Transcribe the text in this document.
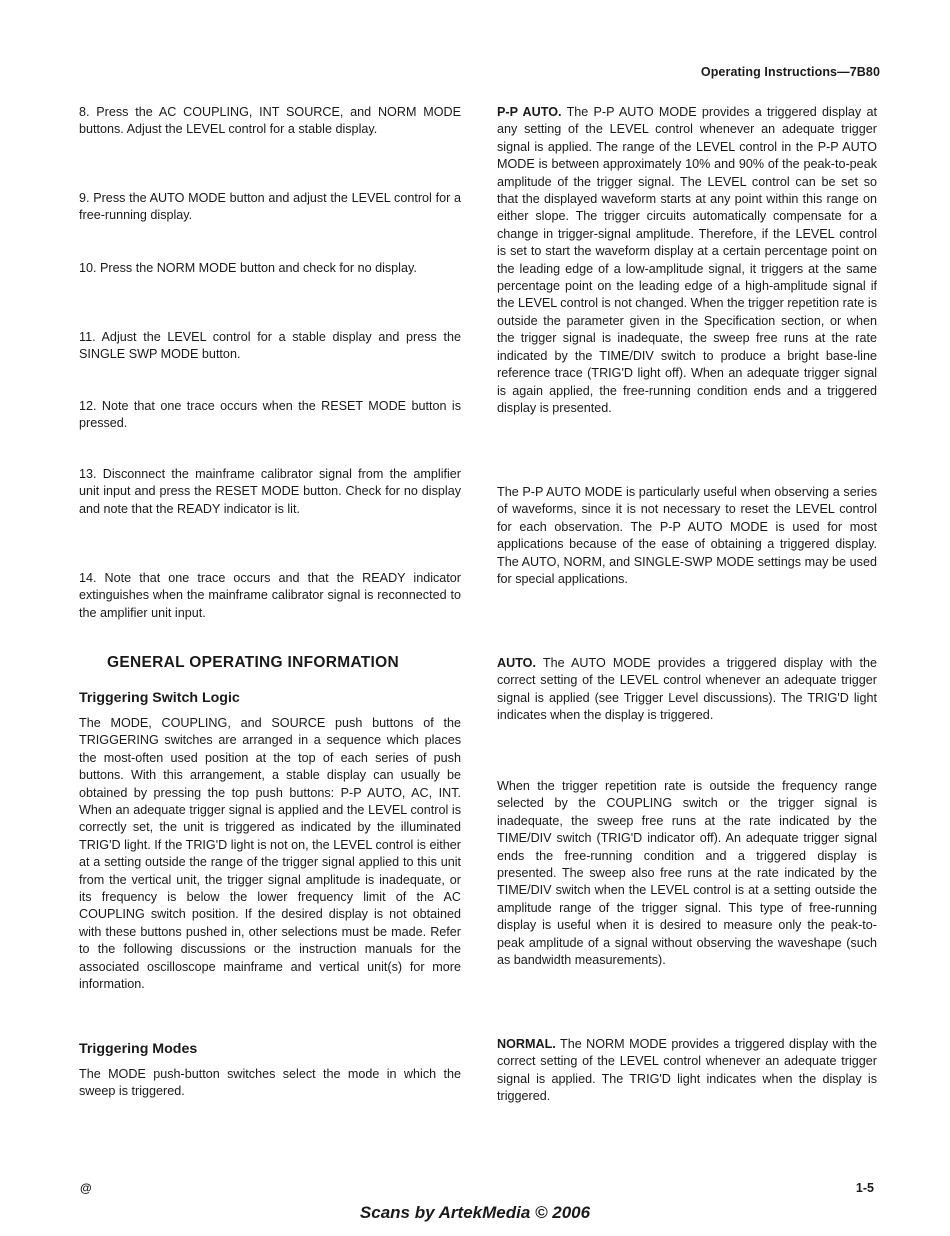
Operating Instructions—7B80

8. Press the AC COUPLING, INT SOURCE, and NORM MODE buttons. Adjust the LEVEL control for a stable display.

9. Press the AUTO MODE button and adjust the LEVEL control for a free-running display.

10. Press the NORM MODE button and check for no display.

11. Adjust the LEVEL control for a stable display and press the SINGLE SWP MODE button.

12. Note that one trace occurs when the RESET MODE button is pressed.

13. Disconnect the mainframe calibrator signal from the amplifier unit input and press the RESET MODE button. Check for no display and note that the READY indicator is lit.

14. Note that one trace occurs and that the READY indicator extinguishes when the mainframe calibrator signal is reconnected to the amplifier unit input.

GENERAL OPERATING INFORMATION
Triggering Switch Logic

The MODE, COUPLING, and SOURCE push buttons of the TRIGGERING switches are arranged in a sequence which places the most-often used position at the top of each series of push buttons. With this arrangement, a stable display can usually be obtained by pressing the top push buttons: P-P AUTO, AC, INT. When an adequate trigger signal is applied and the LEVEL control is correctly set, the unit is triggered as indicated by the illuminated TRIG'D light. If the TRIG'D light is not on, the LEVEL control is either at a setting outside the range of the trigger signal applied to this unit from the vertical unit, the trigger signal amplitude is inadequate, or its frequency is below the lower frequency limit of the AC COUPLING switch position. If the desired display is not obtained with these buttons pushed in, other selections must be made. Refer to the following discussions or the instruction manuals for the associated oscilloscope mainframe and vertical unit(s) for more information.

Triggering Modes

The MODE push-button switches select the mode in which the sweep is triggered.

P-P AUTO. The P-P AUTO MODE provides a triggered display at any setting of the LEVEL control whenever an adequate trigger signal is applied. The range of the LEVEL control in the P-P AUTO MODE is between approximately 10% and 90% of the peak-to-peak amplitude of the trigger signal. The LEVEL control can be set so that the displayed waveform starts at any point within this range on either slope. The trigger circuits automatically compensate for a change in trigger-signal amplitude. Therefore, if the LEVEL control is set to start the waveform display at a certain percentage point on the leading edge of a low-amplitude signal, it triggers at the same percentage point on the leading edge of a high-amplitude signal if the LEVEL control is not changed. When the trigger repetition rate is outside the parameter given in the Specification section, or when the trigger signal is inadequate, the sweep free runs at the rate indicated by the TIME/DIV switch to produce a bright base-line reference trace (TRIG'D light off). When an adequate trigger signal is again applied, the free-running condition ends and a triggered display is presented.

The P-P AUTO MODE is particularly useful when observing a series of waveforms, since it is not necessary to reset the LEVEL control for each observation. The P-P AUTO MODE is used for most applications because of the ease of obtaining a triggered display. The AUTO, NORM, and SINGLE-SWP MODE settings may be used for special applications.

AUTO. The AUTO MODE provides a triggered display with the correct setting of the LEVEL control whenever an adequate trigger signal is applied (see Trigger Level discussions). The TRIG'D light indicates when the display is triggered.

When the trigger repetition rate is outside the frequency range selected by the COUPLING switch or the trigger signal is inadequate, the sweep free runs at the rate indicated by the TIME/DIV switch (TRIG'D indicator off). An adequate trigger signal ends the free-running condition and a triggered display is presented. The sweep also free runs at the rate indicated by the TIME/DIV switch when the LEVEL control is at a setting outside the amplitude range of the trigger signal. This type of free-running display is useful when it is desired to measure only the peak-to-peak amplitude of a signal without observing the waveshape (such as bandwidth measurements).

NORMAL. The NORM MODE provides a triggered display with the correct setting of the LEVEL control whenever an adequate trigger signal is applied. The TRIG'D light indicates when the display is triggered.

@	1-5
Scans by ArtekMedia © 2006
